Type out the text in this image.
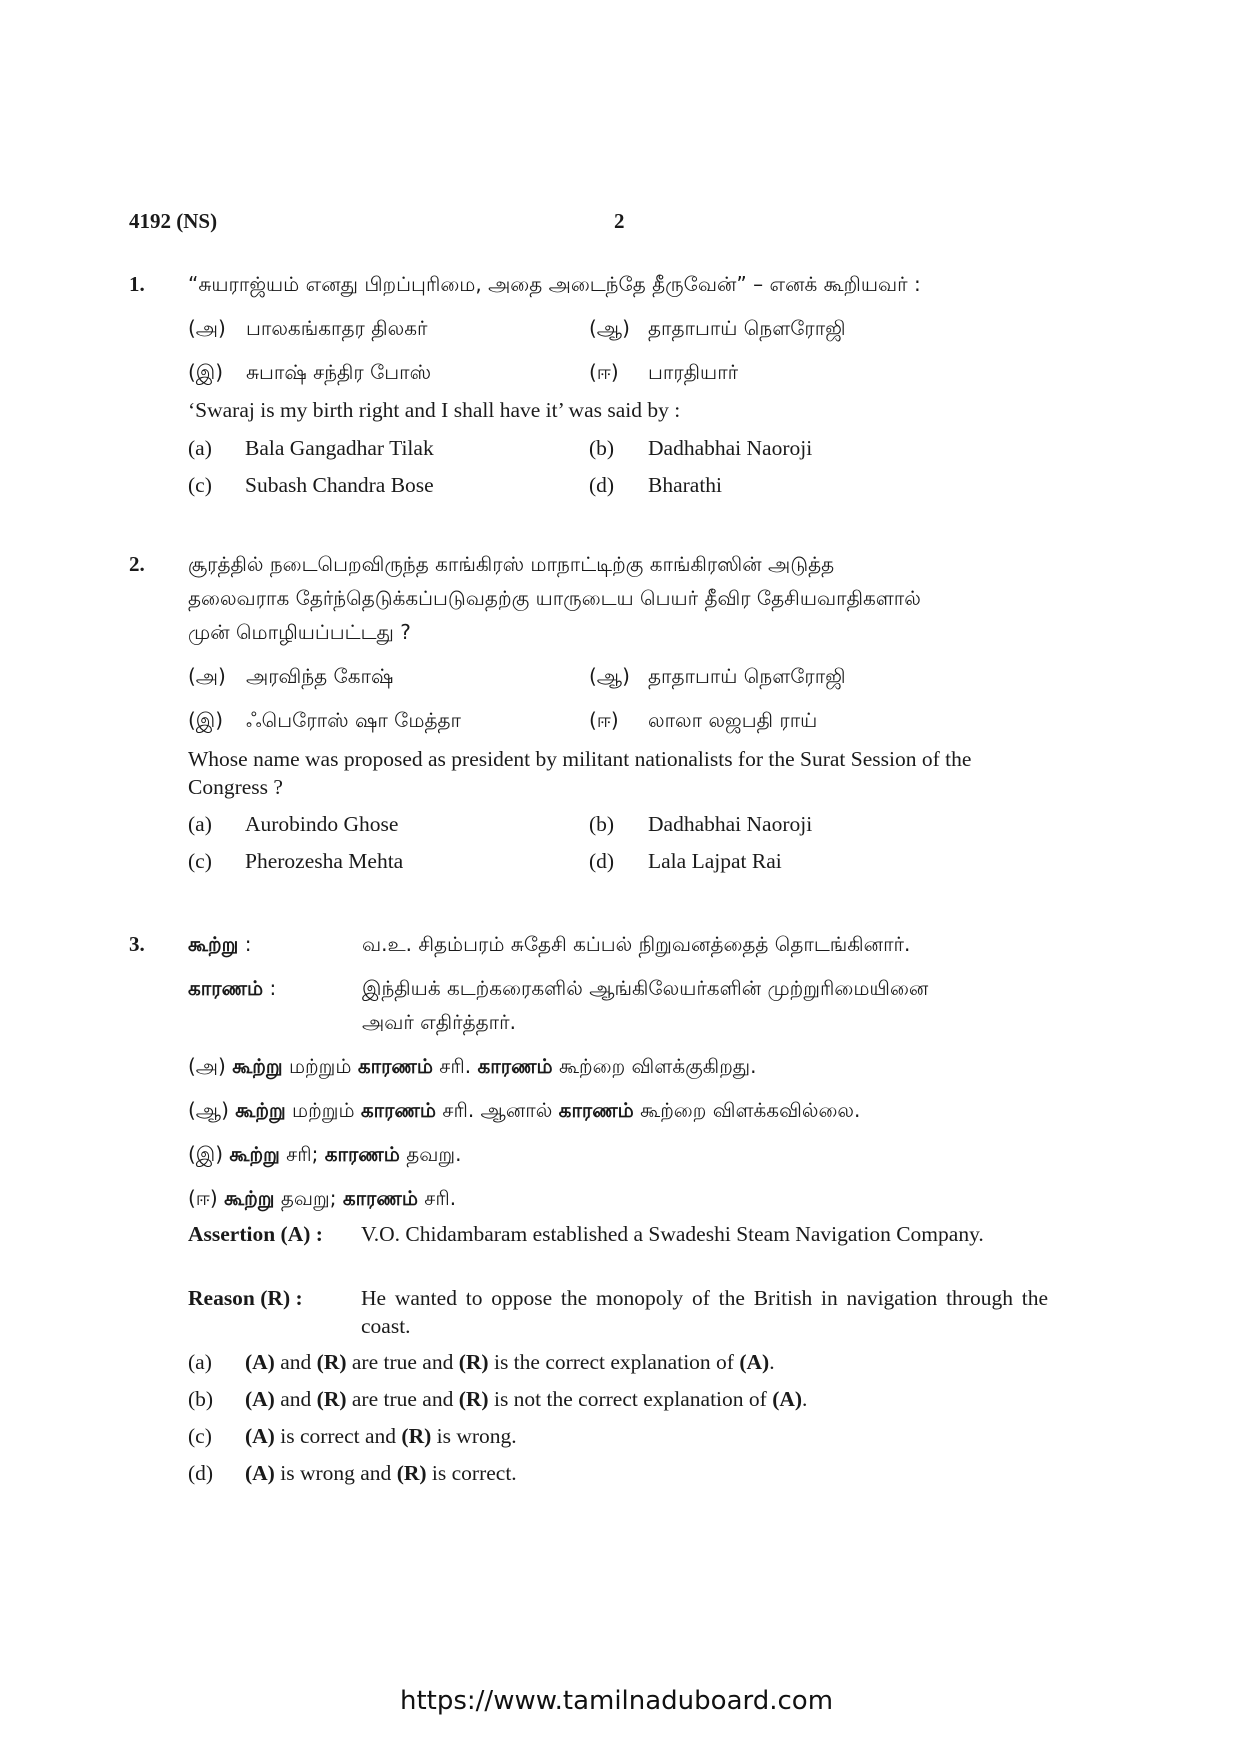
4192 (NS)	2
1. “சுயராஜ்யம் எனது பிறப்புரிமை, அதை அடைந்தே தீருவேன்” – எனக் கூறியவர் :
(அ) பாலகங்காதர திலகர்	(ஆ) தாதாபாய் நௌரோஜி
(இ) சுபாஷ் சந்திர போஸ்	(ஈ) பாரதியார்
‘Swaraj is my birth right and I shall have it’ was said by :
(a) Bala Gangadhar Tilak	(b) Dadhabhai Naoroji
(c) Subash Chandra Bose	(d) Bharathi
2. சூரத்தில் நடைபெறவிருந்த காங்கிரஸ் மாநாட்டிற்கு காங்கிரஸின் அடுத்த
தலைவராக தேர்ந்தெடுக்கப்படுவதற்கு யாருடைய பெயர் தீவிர தேசியவாதிகளால்
முன் மொழியப்பட்டது ?
(அ) அரவிந்த கோஷ்	(ஆ) தாதாபாய் நௌரோஜி
(இ) ஃபெரோஸ் ஷா மேத்தா	(ஈ) லாலா லஜபதி ராய்
Whose name was proposed as president by militant nationalists for the Surat Session of the Congress ?
(a) Aurobindo Ghose	(b) Dadhabhai Naoroji
(c) Pherozesha Mehta	(d) Lala Lajpat Rai
3. கூற்று :	வ.உ. சிதம்பரம் சுதேசி கப்பல் நிறுவனத்தைத் தொடங்கினார்.
காரணம் :	இந்தியக் கடற்கரைகளில் ஆங்கிலேயர்களின் முற்றுரிமையினை
அவர் எதிர்த்தார்.
(அ) கூற்று மற்றும் காரணம் சரி. காரணம் கூற்றை விளக்குகிறது.
(ஆ) கூற்று மற்றும் காரணம் சரி. ஆனால் காரணம் கூற்றை விளக்கவில்லை.
(இ) கூற்று சரி; காரணம் தவறு.
(ஈ) கூற்று தவறு; காரணம் சரி.
Assertion (A) : V.O. Chidambaram established a Swadeshi Steam Navigation Company.
Reason (R) :	He wanted to oppose the monopoly of the British in navigation through the coast.
(a) (A) and (R) are true and (R) is the correct explanation of (A).
(b) (A) and (R) are true and (R) is not the correct explanation of (A).
(c) (A) is correct and (R) is wrong.
(d) (A) is wrong and (R) is correct.
https://www.tamilnaduboard.com
